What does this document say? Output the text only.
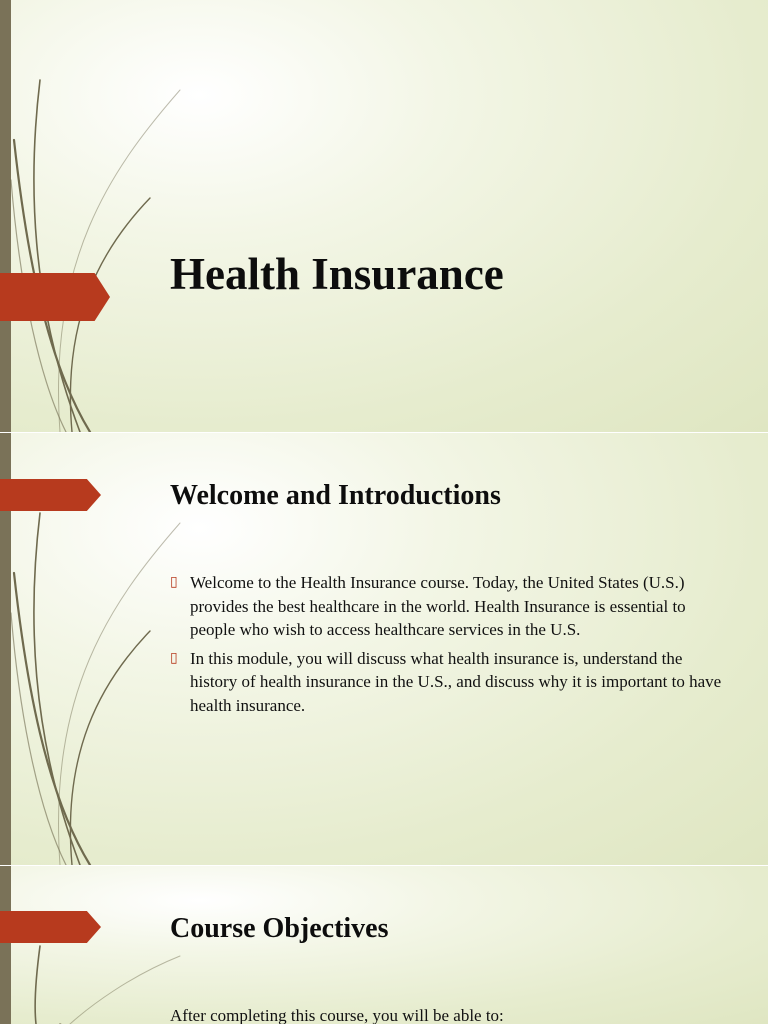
Health Insurance
Welcome and Introductions
▯ Welcome to the Health Insurance course. Today, the United States (U.S.) provides the best healthcare in the world. Health Insurance is essential to people who wish to access healthcare services in the U.S.
▯ In this module, you will discuss what health insurance is, understand the history of health insurance in the U.S., and discuss why it is important to have health insurance.
Course Objectives

After completing this course, you will be able to:
